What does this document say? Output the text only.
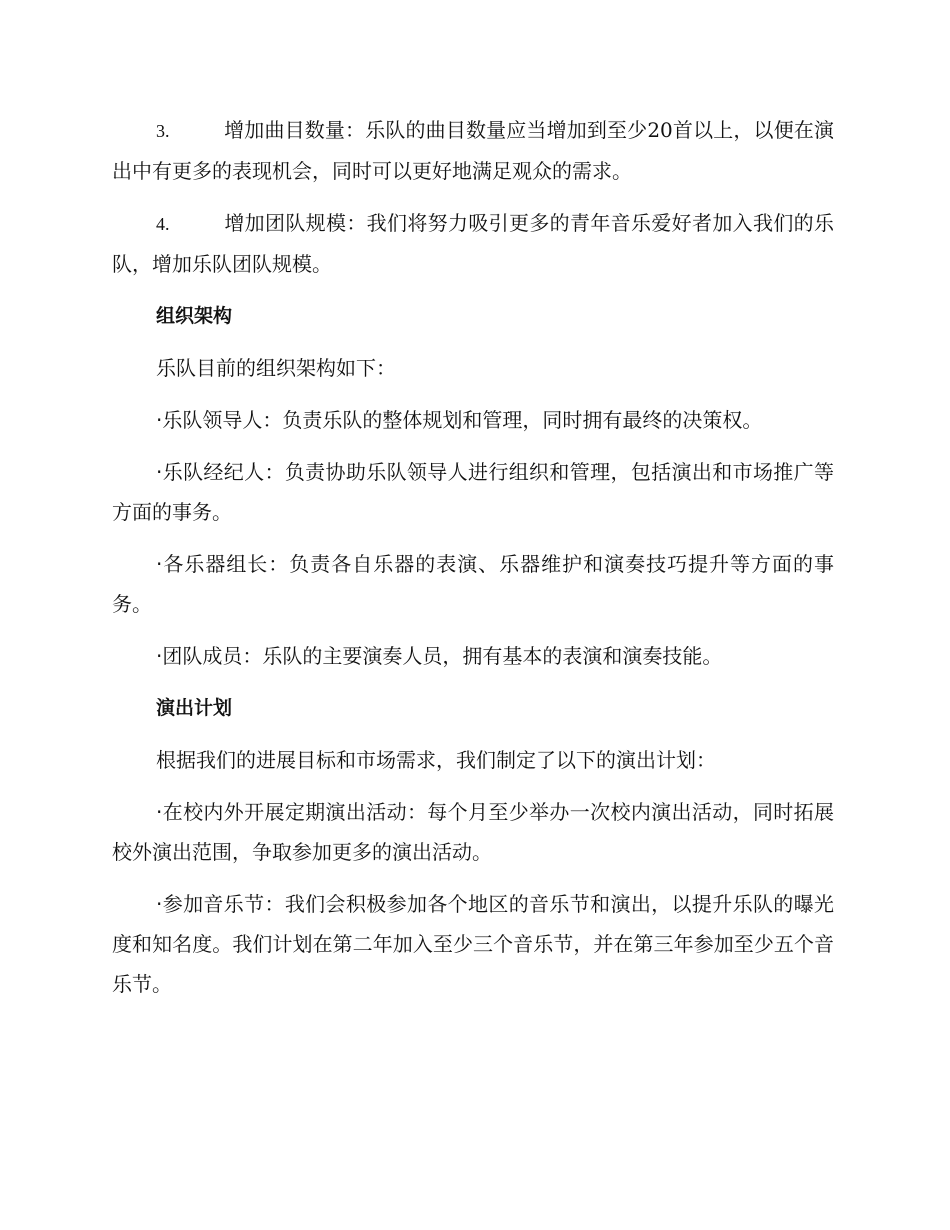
3.	增加曲目数量：乐队的曲目数量应当增加到至少20首以上，以便在演出中有更多的表现机会，同时可以更好地满足观众的需求。

4.	增加团队规模：我们将努力吸引更多的青年音乐爱好者加入我们的乐队，增加乐队团队规模。

组织架构

乐队目前的组织架构如下：

·乐队领导人：负责乐队的整体规划和管理，同时拥有最终的决策权。

·乐队经纪人：负责协助乐队领导人进行组织和管理，包括演出和市场推广等方面的事务。

·各乐器组长：负责各自乐器的表演、乐器维护和演奏技巧提升等方面的事务。

·团队成员：乐队的主要演奏人员，拥有基本的表演和演奏技能。

演出计划

根据我们的进展目标和市场需求，我们制定了以下的演出计划：

·在校内外开展定期演出活动：每个月至少举办一次校内演出活动，同时拓展校外演出范围，争取参加更多的演出活动。

·参加音乐节：我们会积极参加各个地区的音乐节和演出，以提升乐队的曝光度和知名度。我们计划在第二年加入至少三个音乐节，并在第三年参加至少五个音乐节。
